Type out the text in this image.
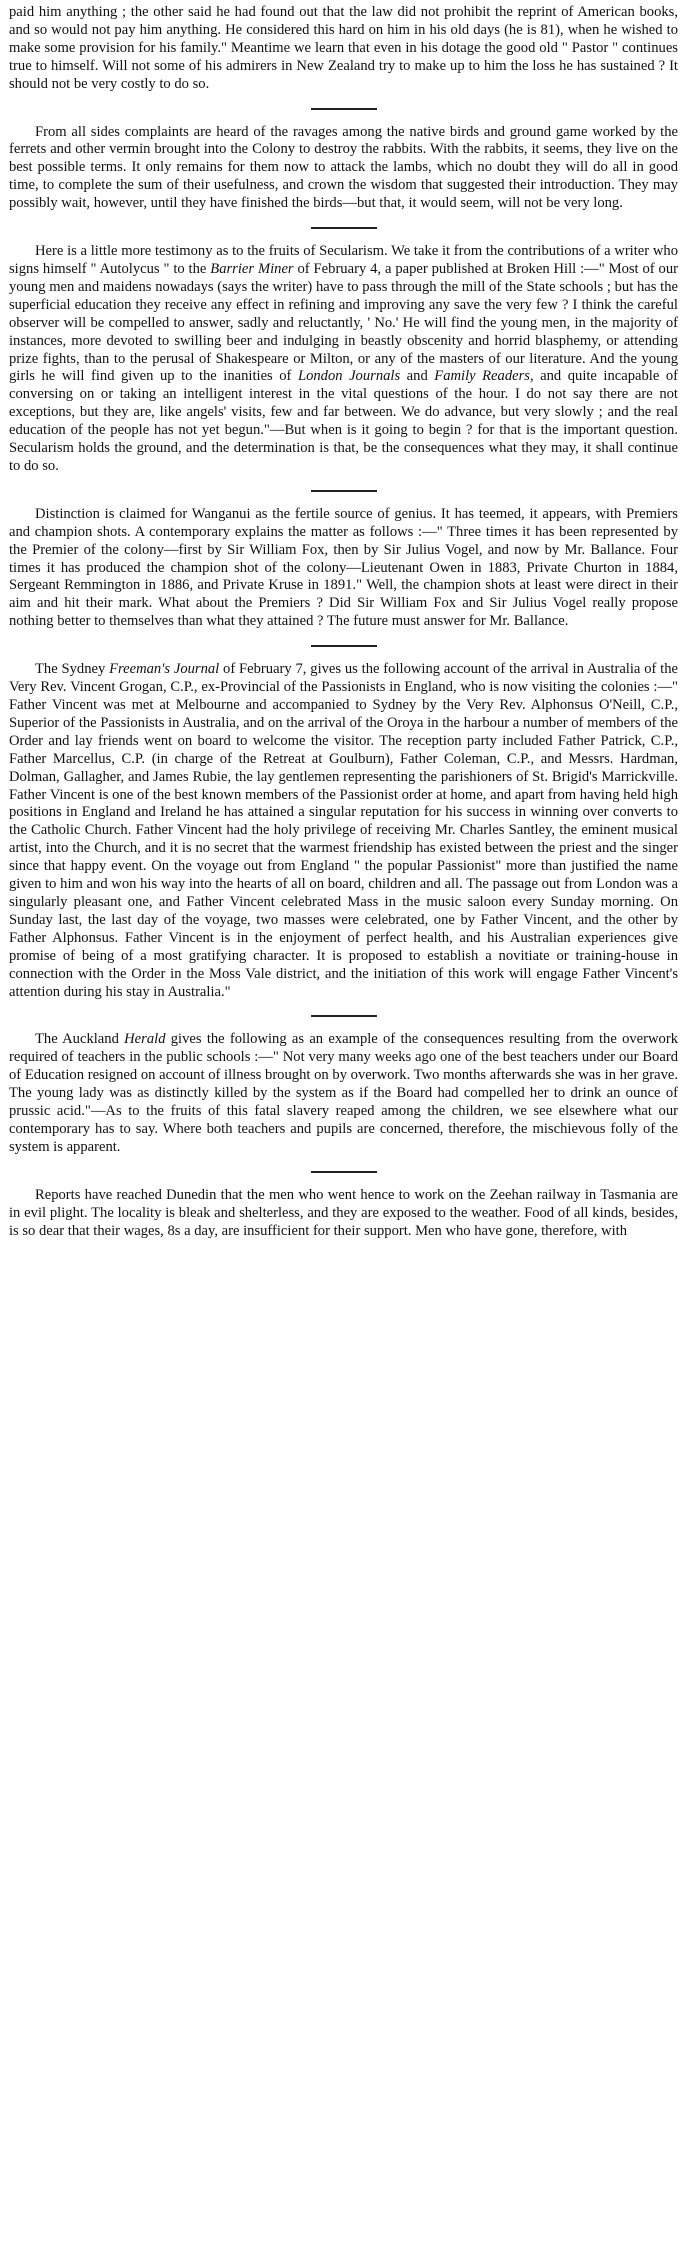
paid him anything ; the other said he had found out that the law did not prohibit the reprint of American books, and so would not pay him anything. He considered this hard on him in his old days (he is 81), when he wished to make some provision for his family." Meantime we learn that even in his dotage the good old " Pastor " continues true to himself. Will not some of his admirers in New Zealand try to make up to him the loss he has sustained ? It should not be very costly to do so.

From all sides complaints are heard of the ravages among the native birds and ground game worked by the ferrets and other vermin brought into the Colony to destroy the rabbits. With the rabbits, it seems, they live on the best possible terms. It only remains for them now to attack the lambs, which no doubt they will do all in good time, to complete the sum of their usefulness, and crown the wisdom that suggested their introduction. They may possibly wait, however, until they have finished the birds—but that, it would seem, will not be very long.

Here is a little more testimony as to the fruits of Secularism. We take it from the contributions of a writer who signs himself " Autolycus " to the Barrier Miner of February 4, a paper published at Broken Hill :—" Most of our young men and maidens nowadays (says the writer) have to pass through the mill of the State schools ; but has the superficial education they receive any effect in refining and improving any save the very few ? I think the careful observer will be compelled to answer, sadly and reluctantly, ' No.' He will find the young men, in the majority of instances, more devoted to swilling beer and indulging in beastly obscenity and horrid blasphemy, or attending prize fights, than to the perusal of Shakespeare or Milton, or any of the masters of our literature. And the young girls he will find given up to the inanities of London Journals and Family Readers, and quite incapable of conversing on or taking an intelligent interest in the vital questions of the hour. I do not say there are not exceptions, but they are, like angels' visits, few and far between. We do advance, but very slowly ; and the real education of the people has not yet begun."—But when is it going to begin ? for that is the important question. Secularism holds the ground, and the determination is that, be the consequences what they may, it shall continue to do so.

Distinction is claimed for Wanganui as the fertile source of genius. It has teemed, it appears, with Premiers and champion shots. A contemporary explains the matter as follows :—" Three times it has been represented by the Premier of the colony—first by Sir William Fox, then by Sir Julius Vogel, and now by Mr. Ballance. Four times it has produced the champion shot of the colony—Lieutenant Owen in 1883, Private Churton in 1884, Sergeant Remmington in 1886, and Private Kruse in 1891." Well, the champion shots at least were direct in their aim and hit their mark. What about the Premiers ? Did Sir William Fox and Sir Julius Vogel really propose nothing better to themselves than what they attained ? The future must answer for Mr. Ballance.

The Sydney Freeman's Journal of February 7, gives us the following account of the arrival in Australia of the Very Rev. Vincent Grogan, C.P., ex-Provincial of the Passionists in England, who is now visiting the colonies :—" Father Vincent was met at Melbourne and accompanied to Sydney by the Very Rev. Alphonsus O'Neill, C.P., Superior of the Passionists in Australia, and on the arrival of the Oroya in the harbour a number of members of the Order and lay friends went on board to welcome the visitor. The reception party included Father Patrick, C.P., Father Marcellus, C.P. (in charge of the Retreat at Goulburn), Father Coleman, C.P., and Messrs. Hardman, Dolman, Gallagher, and James Rubie, the lay gentlemen representing the parishioners of St. Brigid's Marrickville. Father Vincent is one of the best known members of the Passionist order at home, and apart from having held high positions in England and Ireland he has attained a singular reputation for his success in winning over converts to the Catholic Church. Father Vincent had the holy privilege of receiving Mr. Charles Santley, the eminent musical artist, into the Church, and it is no secret that the warmest friendship has existed between the priest and the singer since that happy event. On the voyage out from England " the popular Passionist" more than justified the name given to him and won his way into the hearts of all on board, children and all. The passage out from London was a singularly pleasant one, and Father Vincent celebrated Mass in the music saloon every Sunday morning. On Sunday last, the last day of the voyage, two masses were celebrated, one by Father Vincent, and the other by Father Alphonsus. Father Vincent is in the enjoyment of perfect health, and his Australian experiences give promise of being of a most gratifying character. It is proposed to establish a novitiate or training-house in connection with the Order in the Moss Vale district, and the initiation of this work will engage Father Vincent's attention during his stay in Australia."

The Auckland Herald gives the following as an example of the consequences resulting from the overwork required of teachers in the public schools :—" Not very many weeks ago one of the best teachers under our Board of Education resigned on account of illness brought on by overwork. Two months afterwards she was in her grave. The young lady was as distinctly killed by the system as if the Board had compelled her to drink an ounce of prussic acid."—As to the fruits of this fatal slavery reaped among the children, we see elsewhere what our contemporary has to say. Where both teachers and pupils are concerned, therefore, the mischievous folly of the system is apparent.

Reports have reached Dunedin that the men who went hence to work on the Zeehan railway in Tasmania are in evil plight. The locality is bleak and shelterless, and they are exposed to the weather. Food of all kinds, besides, is so dear that their wages, 8s a day, are insufficient for their support. Men who have gone, therefore, with
